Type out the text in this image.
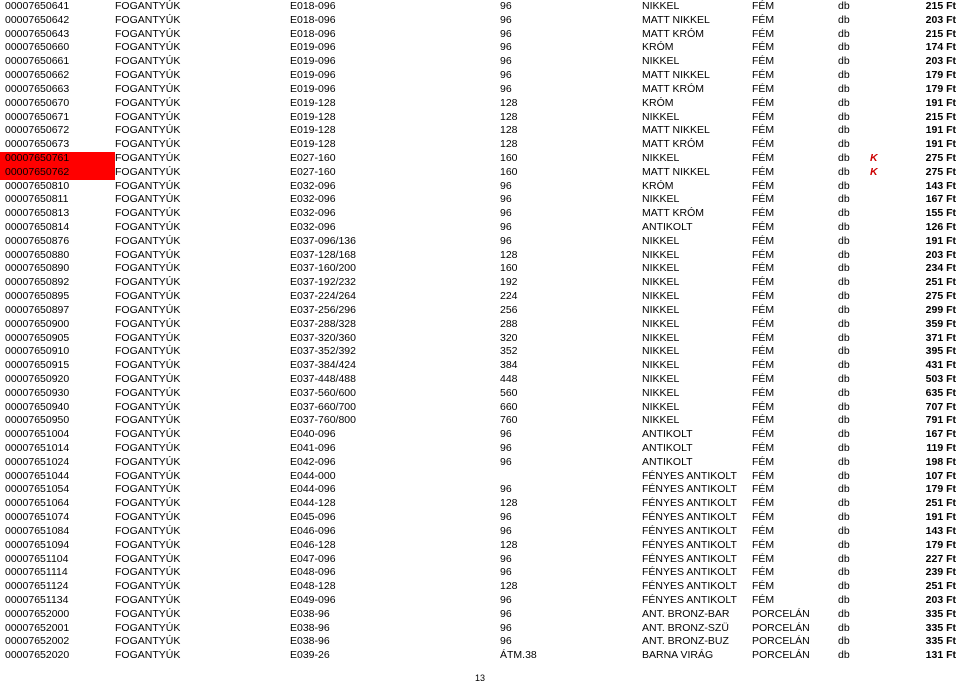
00007650641	FOGANTYÚK	E018-096	96	NIKKEL	FÉM	db		215 Ft
00007650642	FOGANTYÚK	E018-096	96	MATT NIKKEL	FÉM	db		203 Ft
00007650643	FOGANTYÚK	E018-096	96	MATT KRÓM	FÉM	db		215 Ft
00007650660	FOGANTYÚK	E019-096	96	KRÓM	FÉM	db		174 Ft
00007650661	FOGANTYÚK	E019-096	96	NIKKEL	FÉM	db		203 Ft
00007650662	FOGANTYÚK	E019-096	96	MATT NIKKEL	FÉM	db		179 Ft
00007650663	FOGANTYÚK	E019-096	96	MATT KRÓM	FÉM	db		179 Ft
00007650670	FOGANTYÚK	E019-128	128	KRÓM	FÉM	db		191 Ft
00007650671	FOGANTYÚK	E019-128	128	NIKKEL	FÉM	db		215 Ft
00007650672	FOGANTYÚK	E019-128	128	MATT NIKKEL	FÉM	db		191 Ft
00007650673	FOGANTYÚK	E019-128	128	MATT KRÓM	FÉM	db		191 Ft
00007650761	FOGANTYÚK	E027-160	160	NIKKEL	FÉM	db	K	275 Ft
00007650762	FOGANTYÚK	E027-160	160	MATT NIKKEL	FÉM	db	K	275 Ft
00007650810	FOGANTYÚK	E032-096	96	KRÓM	FÉM	db		143 Ft
00007650811	FOGANTYÚK	E032-096	96	NIKKEL	FÉM	db		167 Ft
00007650813	FOGANTYÚK	E032-096	96	MATT KRÓM	FÉM	db		155 Ft
00007650814	FOGANTYÚK	E032-096	96	ANTIKOLT	FÉM	db		126 Ft
00007650876	FOGANTYÚK	E037-096/136	96	NIKKEL	FÉM	db		191 Ft
00007650880	FOGANTYÚK	E037-128/168	128	NIKKEL	FÉM	db		203 Ft
00007650890	FOGANTYÚK	E037-160/200	160	NIKKEL	FÉM	db		234 Ft
00007650892	FOGANTYÚK	E037-192/232	192	NIKKEL	FÉM	db		251 Ft
00007650895	FOGANTYÚK	E037-224/264	224	NIKKEL	FÉM	db		275 Ft
00007650897	FOGANTYÚK	E037-256/296	256	NIKKEL	FÉM	db		299 Ft
00007650900	FOGANTYÚK	E037-288/328	288	NIKKEL	FÉM	db		359 Ft
00007650905	FOGANTYÚK	E037-320/360	320	NIKKEL	FÉM	db		371 Ft
00007650910	FOGANTYÚK	E037-352/392	352	NIKKEL	FÉM	db		395 Ft
00007650915	FOGANTYÚK	E037-384/424	384	NIKKEL	FÉM	db		431 Ft
00007650920	FOGANTYÚK	E037-448/488	448	NIKKEL	FÉM	db		503 Ft
00007650930	FOGANTYÚK	E037-560/600	560	NIKKEL	FÉM	db		635 Ft
00007650940	FOGANTYÚK	E037-660/700	660	NIKKEL	FÉM	db		707 Ft
00007650950	FOGANTYÚK	E037-760/800	760	NIKKEL	FÉM	db		791 Ft
00007651004	FOGANTYÚK	E040-096	96	ANTIKOLT	FÉM	db		167 Ft
00007651014	FOGANTYÚK	E041-096	96	ANTIKOLT	FÉM	db		119 Ft
00007651024	FOGANTYÚK	E042-096	96	ANTIKOLT	FÉM	db		198 Ft
00007651044	FOGANTYÚK	E044-000		FÉNYES ANTIKOLT	FÉM	db		107 Ft
00007651054	FOGANTYÚK	E044-096	96	FÉNYES ANTIKOLT	FÉM	db		179 Ft
00007651064	FOGANTYÚK	E044-128	128	FÉNYES ANTIKOLT	FÉM	db		251 Ft
00007651074	FOGANTYÚK	E045-096	96	FÉNYES ANTIKOLT	FÉM	db		191 Ft
00007651084	FOGANTYÚK	E046-096	96	FÉNYES ANTIKOLT	FÉM	db		143 Ft
00007651094	FOGANTYÚK	E046-128	128	FÉNYES ANTIKOLT	FÉM	db		179 Ft
00007651104	FOGANTYÚK	E047-096	96	FÉNYES ANTIKOLT	FÉM	db		227 Ft
00007651114	FOGANTYÚK	E048-096	96	FÉNYES ANTIKOLT	FÉM	db		239 Ft
00007651124	FOGANTYÚK	E048-128	128	FÉNYES ANTIKOLT	FÉM	db		251 Ft
00007651134	FOGANTYÚK	E049-096	96	FÉNYES ANTIKOLT	FÉM	db		203 Ft
00007652000	FOGANTYÚK	E038-96	96	ANT. BRONZ-BAR	PORCELÁN	db		335 Ft
00007652001	FOGANTYÚK	E038-96	96	ANT. BRONZ-SZÜ	PORCELÁN	db		335 Ft
00007652002	FOGANTYÚK	E038-96	96	ANT. BRONZ-BUZ	PORCELÁN	db		335 Ft
00007652020	FOGANTYÚK	E039-26	ÁTM.38	BARNA VIRÁG	PORCELÁN	db		131 Ft
13
